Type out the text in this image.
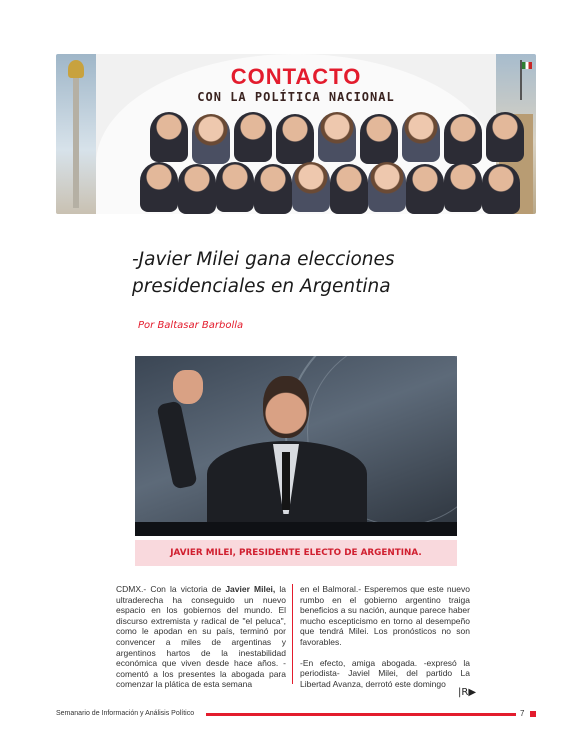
CONTACTO
CON LA POLÍTICA NACIONAL
-Javier Milei gana elecciones presidenciales en Argentina
Por Baltasar Barbolla
JAVIER MILEI, PRESIDENTE ELECTO DE ARGENTINA.

CDMX.- Con la victoria de Javier Milei, la ultraderecha ha conseguido un nuevo espacio en los gobiernos del mundo. El discurso extremista y radical de "el peluca", como le apodan en su país, terminó por convencer a miles de argentinas y argentinos hartos de la inestabilidad económica que viven desde hace años. -comentó a los presentes la abogada para comenzar la plática de esta semana

en el Balmoral.- Esperemos que este nuevo rumbo en el gobierno argentino traiga beneficios a su nación, aunque parece haber mucho escepticismo en torno al desempeño que tendrá Milei. Los pronósticos no son favorables.

-En efecto, amiga abogada. -expresó la periodista- Javiel Milei, del partido La Libertad Avanza, derrotó este domingo

|R▶
Semanario de Información y Análisis Político	7
